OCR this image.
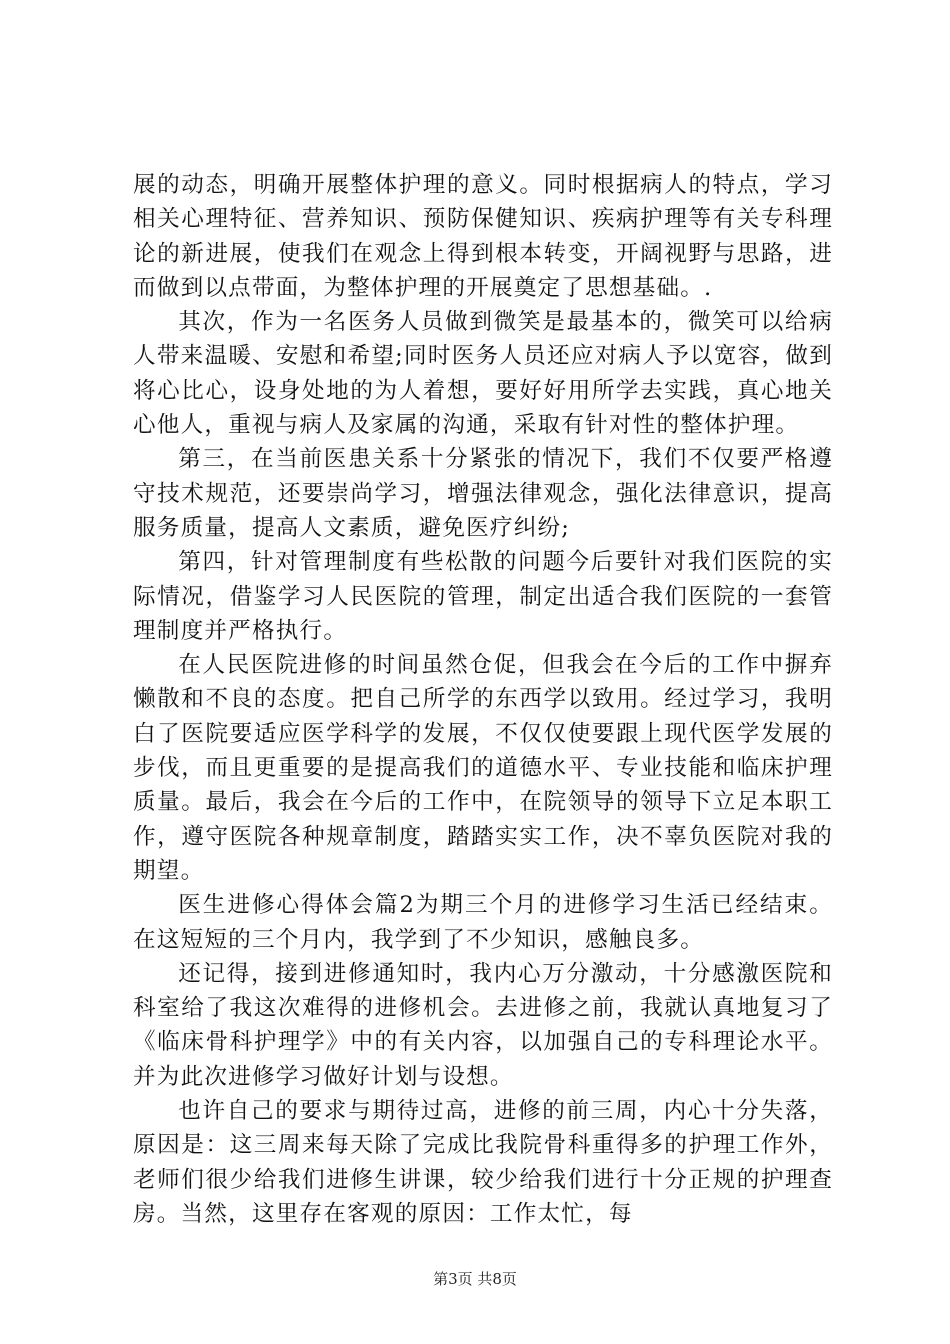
展的动态，明确开展整体护理的意义。同时根据病人的特点，学习相关心理特征、营养知识、预防保健知识、疾病护理等有关专科理论的新进展，使我们在观念上得到根本转变，开阔视野与思路，进而做到以点带面，为整体护理的开展奠定了思想基础。.

其次，作为一名医务人员做到微笑是最基本的，微笑可以给病人带来温暖、安慰和希望;同时医务人员还应对病人予以宽容，做到将心比心，设身处地的为人着想，要好好用所学去实践，真心地关心他人，重视与病人及家属的沟通，采取有针对性的整体护理。

第三，在当前医患关系十分紧张的情况下，我们不仅要严格遵守技术规范，还要崇尚学习，增强法律观念，强化法律意识，提高服务质量，提高人文素质，避免医疗纠纷;

第四，针对管理制度有些松散的问题今后要针对我们医院的实际情况，借鉴学习人民医院的管理，制定出适合我们医院的一套管理制度并严格执行。

在人民医院进修的时间虽然仓促，但我会在今后的工作中摒弃懒散和不良的态度。把自己所学的东西学以致用。经过学习，我明白了医院要适应医学科学的发展，不仅仅使要跟上现代医学发展的步伐，而且更重要的是提高我们的道德水平、专业技能和临床护理质量。最后，我会在今后的工作中，在院领导的领导下立足本职工作，遵守医院各种规章制度，踏踏实实工作，决不辜负医院对我的期望。

医生进修心得体会篇2为期三个月的进修学习生活已经结束。在这短短的三个月内，我学到了不少知识，感触良多。

还记得，接到进修通知时，我内心万分激动，十分感激医院和科室给了我这次难得的进修机会。去进修之前，我就认真地复习了《临床骨科护理学》中的有关内容，以加强自己的专科理论水平。并为此次进修学习做好计划与设想。

也许自己的要求与期待过高，进修的前三周，内心十分失落，原因是：这三周来每天除了完成比我院骨科重得多的护理工作外，老师们很少给我们进修生讲课，较少给我们进行十分正规的护理查房。当然，这里存在客观的原因：工作太忙，每

第3页 共8页
